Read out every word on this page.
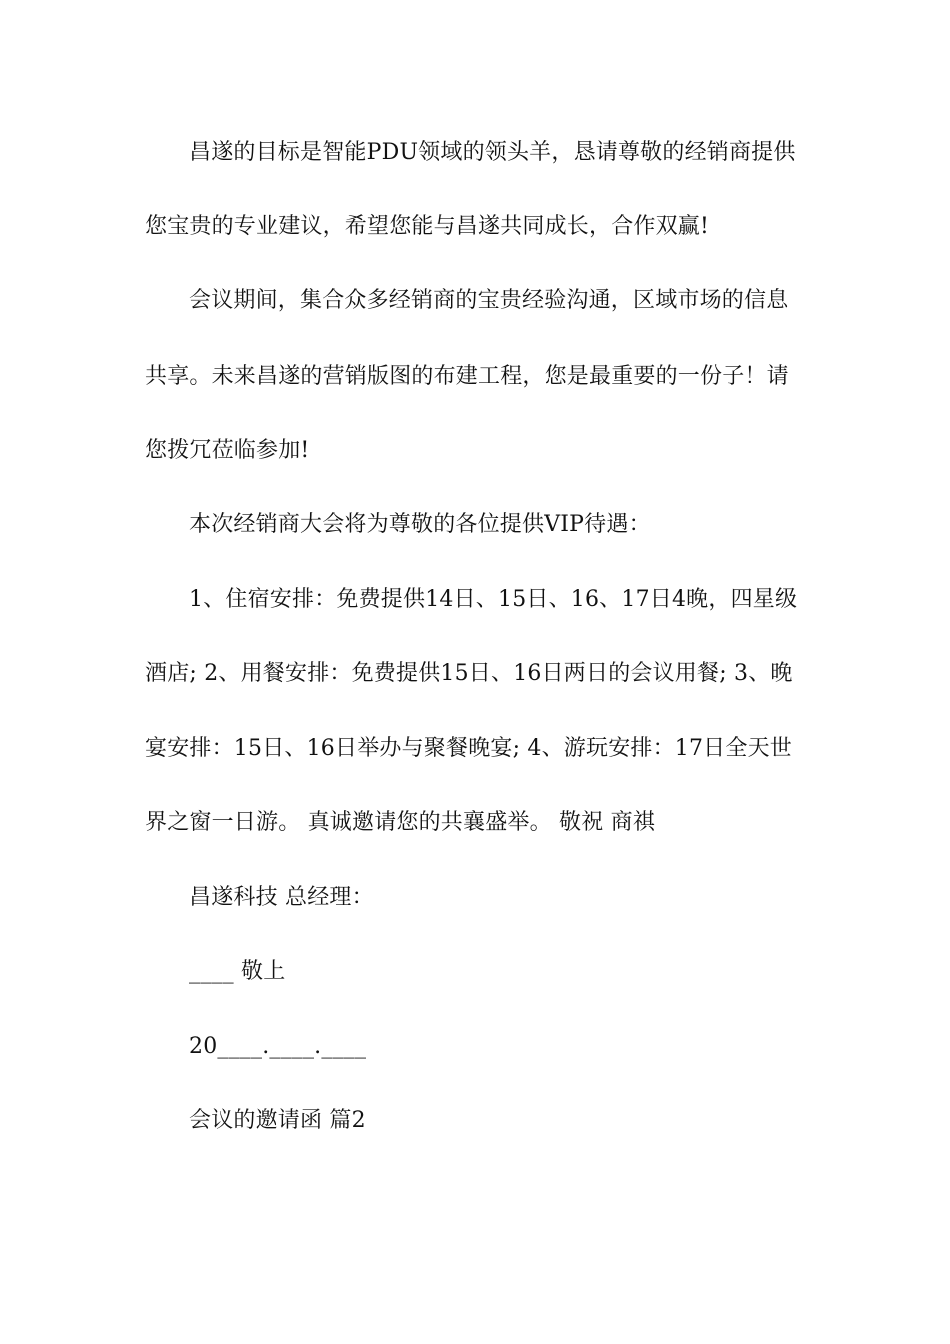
昌遂的目标是智能PDU领域的领头羊，恳请尊敬的经销商提供
您宝贵的专业建议，希望您能与昌遂共同成长，合作双赢!
会议期间，集合众多经销商的宝贵经验沟通，区域市场的信息
共享。未来昌遂的营销版图的布建工程，您是最重要的一份子！请
您拨冗莅临参加!
本次经销商大会将为尊敬的各位提供VIP待遇：
1、住宿安排：免费提供14日、15日、16、17日4晚，四星级
酒店; 2、用餐安排：免费提供15日、16日两日的会议用餐; 3、晚
宴安排：15日、16日举办与聚餐晚宴; 4、游玩安排：17日全天世
界之窗一日游。 真诚邀请您的共襄盛举。 敬祝 商祺
昌遂科技 总经理：
____ 敬上
20____.____.____
会议的邀请函 篇2
